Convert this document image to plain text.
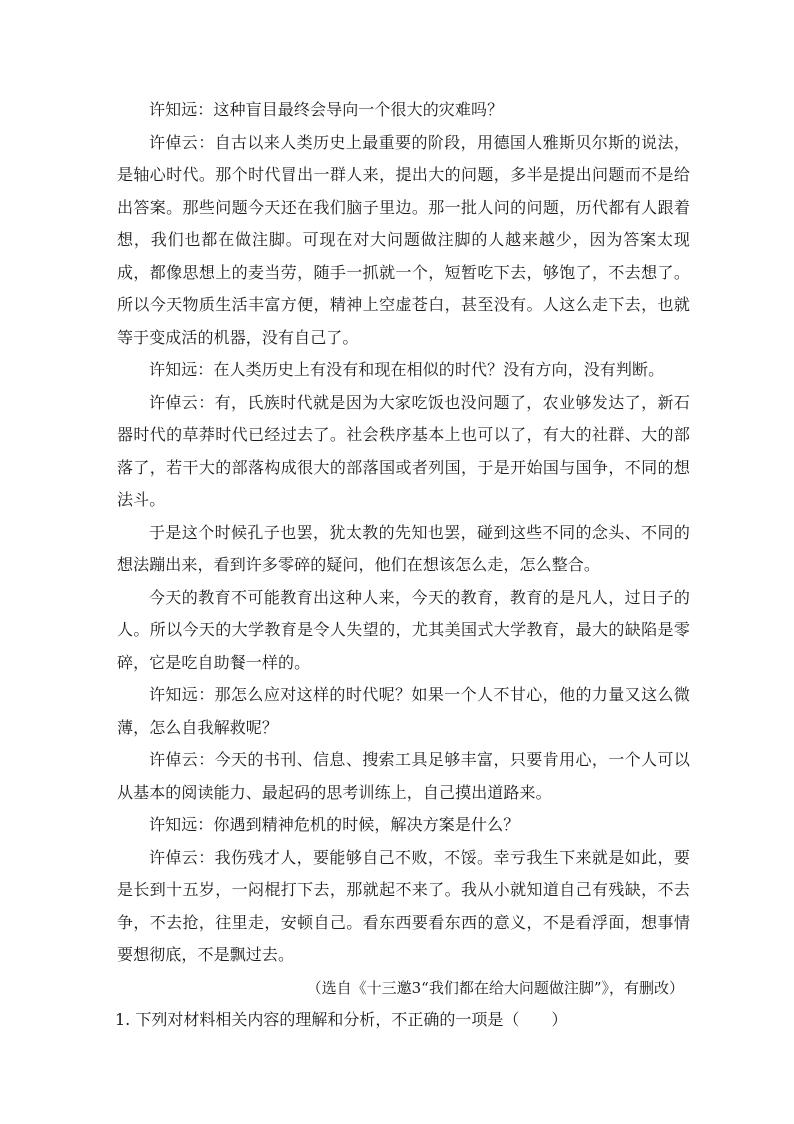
许知远：这种盲目最终会导向一个很大的灾难吗？

许倬云：自古以来人类历史上最重要的阶段，用德国人雅斯贝尔斯的说法，是轴心时代。那个时代冒出一群人来，提出大的问题，多半是提出问题而不是给出答案。那些问题今天还在我们脑子里边。那一批人问的问题，历代都有人跟着想，我们也都在做注脚。可现在对大问题做注脚的人越来越少，因为答案太现成，都像思想上的麦当劳，随手一抓就一个，短暂吃下去，够饱了，不去想了。所以今天物质生活丰富方便，精神上空虚苍白，甚至没有。人这么走下去，也就等于变成活的机器，没有自己了。

许知远：在人类历史上有没有和现在相似的时代？没有方向，没有判断。

许倬云：有，氏族时代就是因为大家吃饭也没问题了，农业够发达了，新石器时代的草莽时代已经过去了。社会秩序基本上也可以了，有大的社群、大的部落了，若干大的部落构成很大的部落国或者列国，于是开始国与国争，不同的想法斗。

于是这个时候孔子也罢，犹太教的先知也罢，碰到这些不同的念头、不同的想法蹦出来，看到许多零碎的疑问，他们在想该怎么走，怎么整合。

今天的教育不可能教育出这种人来，今天的教育，教育的是凡人，过日子的人。所以今天的大学教育是令人失望的，尤其美国式大学教育，最大的缺陷是零碎，它是吃自助餐一样的。

许知远：那怎么应对这样的时代呢？如果一个人不甘心，他的力量又这么微薄，怎么自我解救呢？

许倬云：今天的书刊、信息、搜索工具足够丰富，只要肯用心，一个人可以从基本的阅读能力、最起码的思考训练上，自己摸出道路来。

许知远：你遇到精神危机的时候，解决方案是什么？

许倬云：我伤残才人，要能够自己不败，不馁。幸亏我生下来就是如此，要是长到十五岁，一闷棍打下去，那就起不来了。我从小就知道自己有残缺，不去争，不去抢，往里走，安顿自己。看东西要看东西的意义，不是看浮面，想事情要想彻底，不是飘过去。

（选自《十三邀3“我们都在给大问题做注脚”》，有删改）

1. 下列对材料相关内容的理解和分析，不正确的一项是（　　）
